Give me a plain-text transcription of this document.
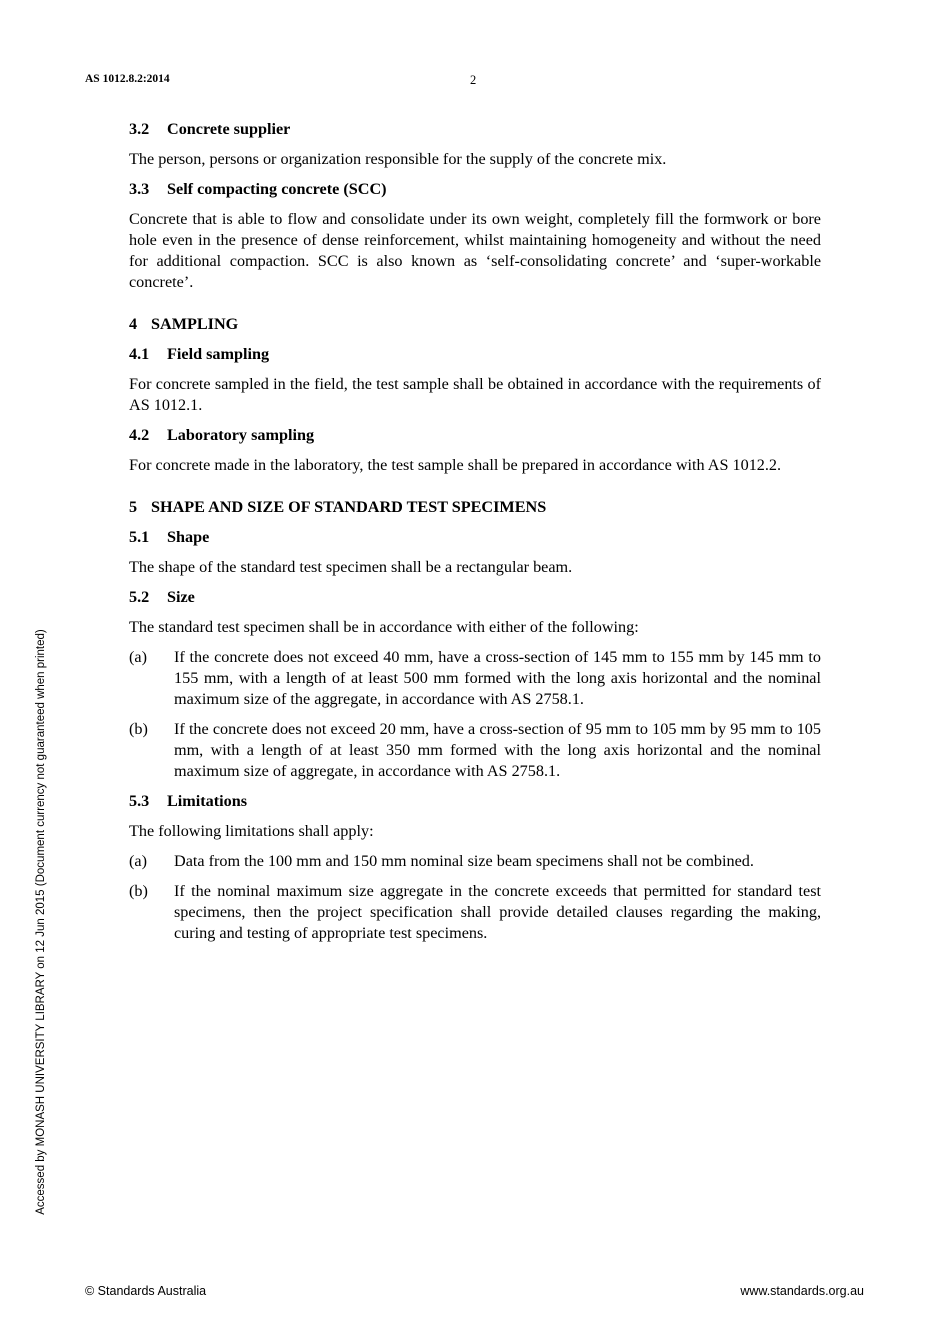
AS 1012.8.2:2014	2
3.2 Concrete supplier
The person, persons or organization responsible for the supply of the concrete mix.
3.3 Self compacting concrete (SCC)
Concrete that is able to flow and consolidate under its own weight, completely fill the formwork or bore hole even in the presence of dense reinforcement, whilst maintaining homogeneity and without the need for additional compaction. SCC is also known as ‘self-consolidating concrete’ and ‘super-workable concrete’.
4 SAMPLING
4.1 Field sampling
For concrete sampled in the field, the test sample shall be obtained in accordance with the requirements of AS 1012.1.
4.2 Laboratory sampling
For concrete made in the laboratory, the test sample shall be prepared in accordance with AS 1012.2.
5 SHAPE AND SIZE OF STANDARD TEST SPECIMENS
5.1 Shape
The shape of the standard test specimen shall be a rectangular beam.
5.2 Size
The standard test specimen shall be in accordance with either of the following:
(a)	If the concrete does not exceed 40 mm, have a cross-section of 145 mm to 155 mm by 145 mm to 155 mm, with a length of at least 500 mm formed with the long axis horizontal and the nominal maximum size of the aggregate, in accordance with AS 2758.1.
(b)	If the concrete does not exceed 20 mm, have a cross-section of 95 mm to 105 mm by 95 mm to 105 mm, with a length of at least 350 mm formed with the long axis horizontal and the nominal maximum size of aggregate, in accordance with AS 2758.1.
5.3 Limitations
The following limitations shall apply:
(a)	Data from the 100 mm and 150 mm nominal size beam specimens shall not be combined.
(b)	If the nominal maximum size aggregate in the concrete exceeds that permitted for standard test specimens, then the project specification shall provide detailed clauses regarding the making, curing and testing of appropriate test specimens.
Accessed by MONASH UNIVERSITY LIBRARY on 12 Jun 2015 (Document currency not guaranteed when printed)
© Standards Australia	www.standards.org.au
